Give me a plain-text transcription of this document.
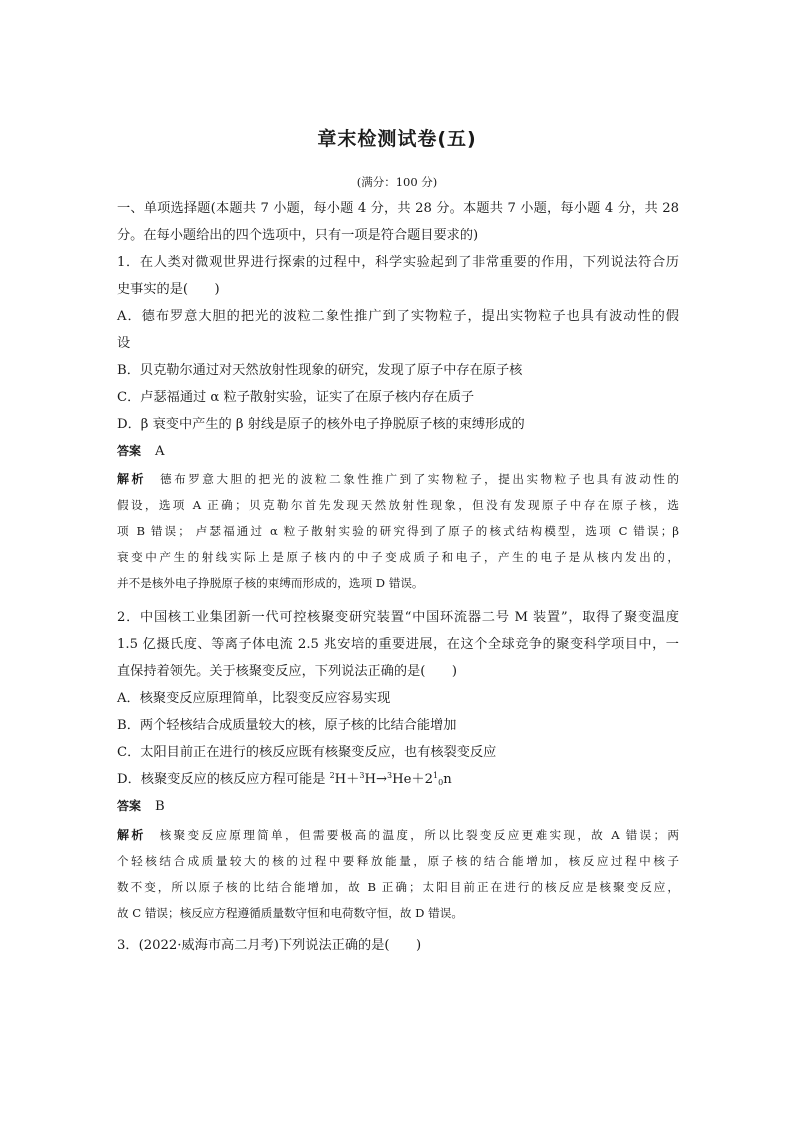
章末检测试卷(五)
(满分：100 分)
一、单项选择题(本题共 7 小题，每小题 4 分，共 28 分。本题共 7 小题，每小题 4 分，共 28
分。在每小题给出的四个选项中，只有一项是符合题目要求的)
1．在人类对微观世界进行探索的过程中，科学实验起到了非常重要的作用，下列说法符合历
史事实的是(　　)
A．德布罗意大胆的把光的波粒二象性推广到了实物粒子，提出实物粒子也具有波动性的假
设
B．贝克勒尔通过对天然放射性现象的研究，发现了原子中存在原子核
C．卢瑟福通过 α 粒子散射实验，证实了在原子核内存在质子
D．β 衰变中产生的 β 射线是原子的核外电子挣脱原子核的束缚形成的
答案 A
解析 德布罗意大胆的把光的波粒二象性推广到了实物粒子，提出实物粒子也具有波动性的
假设，选项 A 正确；贝克勒尔首先发现天然放射性现象，但没有发现原子中存在原子核，选
项 B 错误； 卢瑟福通过 α 粒子散射实验的研究得到了原子的核式结构模型，选项 C 错误；β
衰变中产生的射线实际上是原子核内的中子变成质子和电子，产生的电子是从核内发出的，
并不是核外电子挣脱原子核的束缚而形成的，选项 D 错误。
2．中国核工业集团新一代可控核聚变研究装置“中国环流器二号 M 装置”，取得了聚变温度
1.5 亿摄氏度、等离子体电流 2.5 兆安培的重要进展，在这个全球竞争的聚变科学项目中，一
直保持着领先。关于核聚变反应，下列说法正确的是(　　)
A．核聚变反应原理简单，比裂变反应容易实现
B．两个轻核结合成质量较大的核，原子核的比结合能增加
C．太阳目前正在进行的核反应既有核聚变反应，也有核裂变反应
D．核聚变反应的核反应方程可能是 $^2H+^3H\to^3He+2^1_0n$
答案 B
解析 核聚变反应原理简单，但需要极高的温度，所以比裂变反应更难实现，故 A 错误；两
个轻核结合成质量较大的核的过程中要释放能量，原子核的结合能增加，核反应过程中核子
数不变，所以原子核的比结合能增加，故 B 正确；太阳目前正在进行的核反应是核聚变反应，
故 C 错误；核反应方程遵循质量数守恒和电荷数守恒，故 D 错误。
3．(2022·威海市高二月考)下列说法正确的是(　　)
